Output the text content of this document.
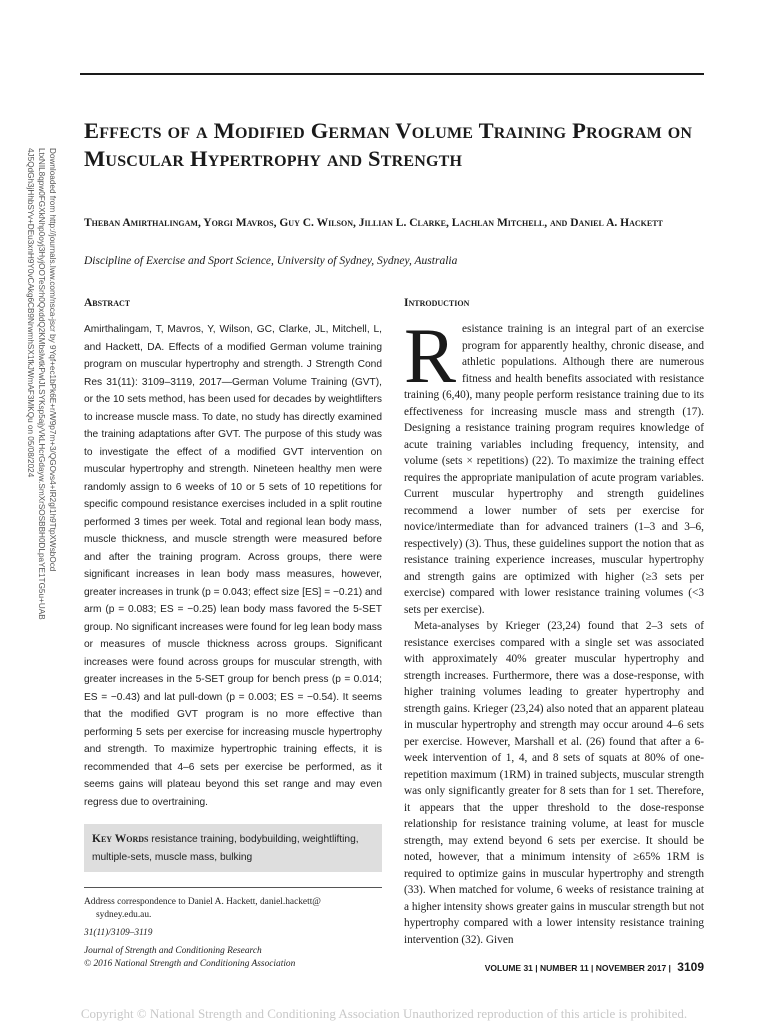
Downloaded from http://journals.lww.com/nsca-jscr by 9Yqf+ec1bPk6E+r/W9p7m+3/QGOvs4+IR2gI1h9TtpXWsbOcd
LtxNIL8qpw0FGXkNhp0oyj3HyjOOTeSrh0QxddQ2KMbslwtkPwlJLSYKsp5ajyVkLHcrGdayw.SmXrSOSBBH0DLpaYE1TG5u+UAB
4J5QdGh3jHhbSYv+DEu3xnH9Y0vCAkg6CB9NrwmhSX1fkJWmAF3MKQu on 05/08/2024
Effects of a Modified German Volume Training Program on Muscular Hypertrophy and Strength

Theban Amirthalingam, Yorgi Mavros, Guy C. Wilson, Jillian L. Clarke, Lachlan Mitchell, and Daniel A. Hackett

Discipline of Exercise and Sport Science, University of Sydney, Sydney, Australia

Abstract

Amirthalingam, T, Mavros, Y, Wilson, GC, Clarke, JL, Mitchell, L, and Hackett, DA. Effects of a modified German volume training program on muscular hypertrophy and strength. J Strength Cond Res 31(11): 3109–3119, 2017—German Volume Training (GVT), or the 10 sets method, has been used for decades by weightlifters to increase muscle mass. To date, no study has directly examined the training adaptations after GVT. The purpose of this study was to investigate the effect of a modified GVT intervention on muscular hypertrophy and strength. Nineteen healthy men were randomly assign to 6 weeks of 10 or 5 sets of 10 repetitions for specific compound resistance exercises included in a split routine performed 3 times per week. Total and regional lean body mass, muscle thickness, and muscle strength were measured before and after the training program. Across groups, there were significant increases in lean body mass measures, however, greater increases in trunk (p = 0.043; effect size [ES] = −0.21) and arm (p = 0.083; ES = −0.25) lean body mass favored the 5-SET group. No significant increases were found for leg lean body mass or measures of muscle thickness across groups. Significant increases were found across groups for muscular strength, with greater increases in the 5-SET group for bench press (p = 0.014; ES = −0.43) and lat pull-down (p = 0.003; ES = −0.54). It seems that the modified GVT program is no more effective than performing 5 sets per exercise for increasing muscle hypertrophy and strength. To maximize hypertrophic training effects, it is recommended that 4–6 sets per exercise be performed, as it seems gains will plateau beyond this set range and may even regress due to overtraining.

Key Words resistance training, bodybuilding, weightlifting, multiple-sets, muscle mass, bulking

Address correspondence to Daniel A. Hackett, daniel.hackett@
sydney.edu.au.

31(11)/3109–3119

Journal of Strength and Conditioning Research
© 2016 National Strength and Conditioning Association

Introduction

Resistance training is an integral part of an exercise program for apparently healthy, chronic disease, and athletic populations. Although there are numerous fitness and health benefits associated with resistance training (6,40), many people perform resistance training due to its effectiveness for increasing muscle mass and strength (17). Designing a resistance training program requires knowledge of acute training variables including frequency, intensity, and volume (sets × repetitions) (22). To maximize the training effect requires the appropriate manipulation of acute program variables. Current muscular hypertrophy and strength guidelines recommend a lower number of sets per exercise for novice/intermediate than for advanced trainers (1–3 and 3–6, respectively) (3). Thus, these guidelines support the notion that as resistance training experience increases, muscular hypertrophy and strength gains are optimized with higher (≥3 sets per exercise) compared with lower resistance training volumes (<3 sets per exercise).

Meta-analyses by Krieger (23,24) found that 2–3 sets of resistance exercises compared with a single set was associated with approximately 40% greater muscular hypertrophy and strength increases. Furthermore, there was a dose-response, with higher training volumes leading to greater hypertrophy and strength gains. Krieger (23,24) also noted that an apparent plateau in muscular hypertrophy and strength may occur around 4–6 sets per exercise. However, Marshall et al. (26) found that after a 6-week intervention of 1, 4, and 8 sets of squats at 80% of one-repetition maximum (1RM) in trained subjects, muscular strength was only significantly greater for 8 sets than for 1 set. Therefore, it appears that the upper threshold to the dose-response relationship for resistance training volume, at least for muscle strength, may extend beyond 6 sets per exercise. It should be noted, however, that a minimum intensity of ≥65% 1RM is required to optimize gains in muscular hypertrophy and strength (33). When matched for volume, 6 weeks of resistance training at a higher intensity shows greater gains in muscular strength but not hypertrophy compared with a lower intensity resistance training intervention (32). Given

VOLUME 31 | NUMBER 11 | NOVEMBER 2017 | 3109
Copyright © National Strength and Conditioning Association Unauthorized reproduction of this article is prohibited.
